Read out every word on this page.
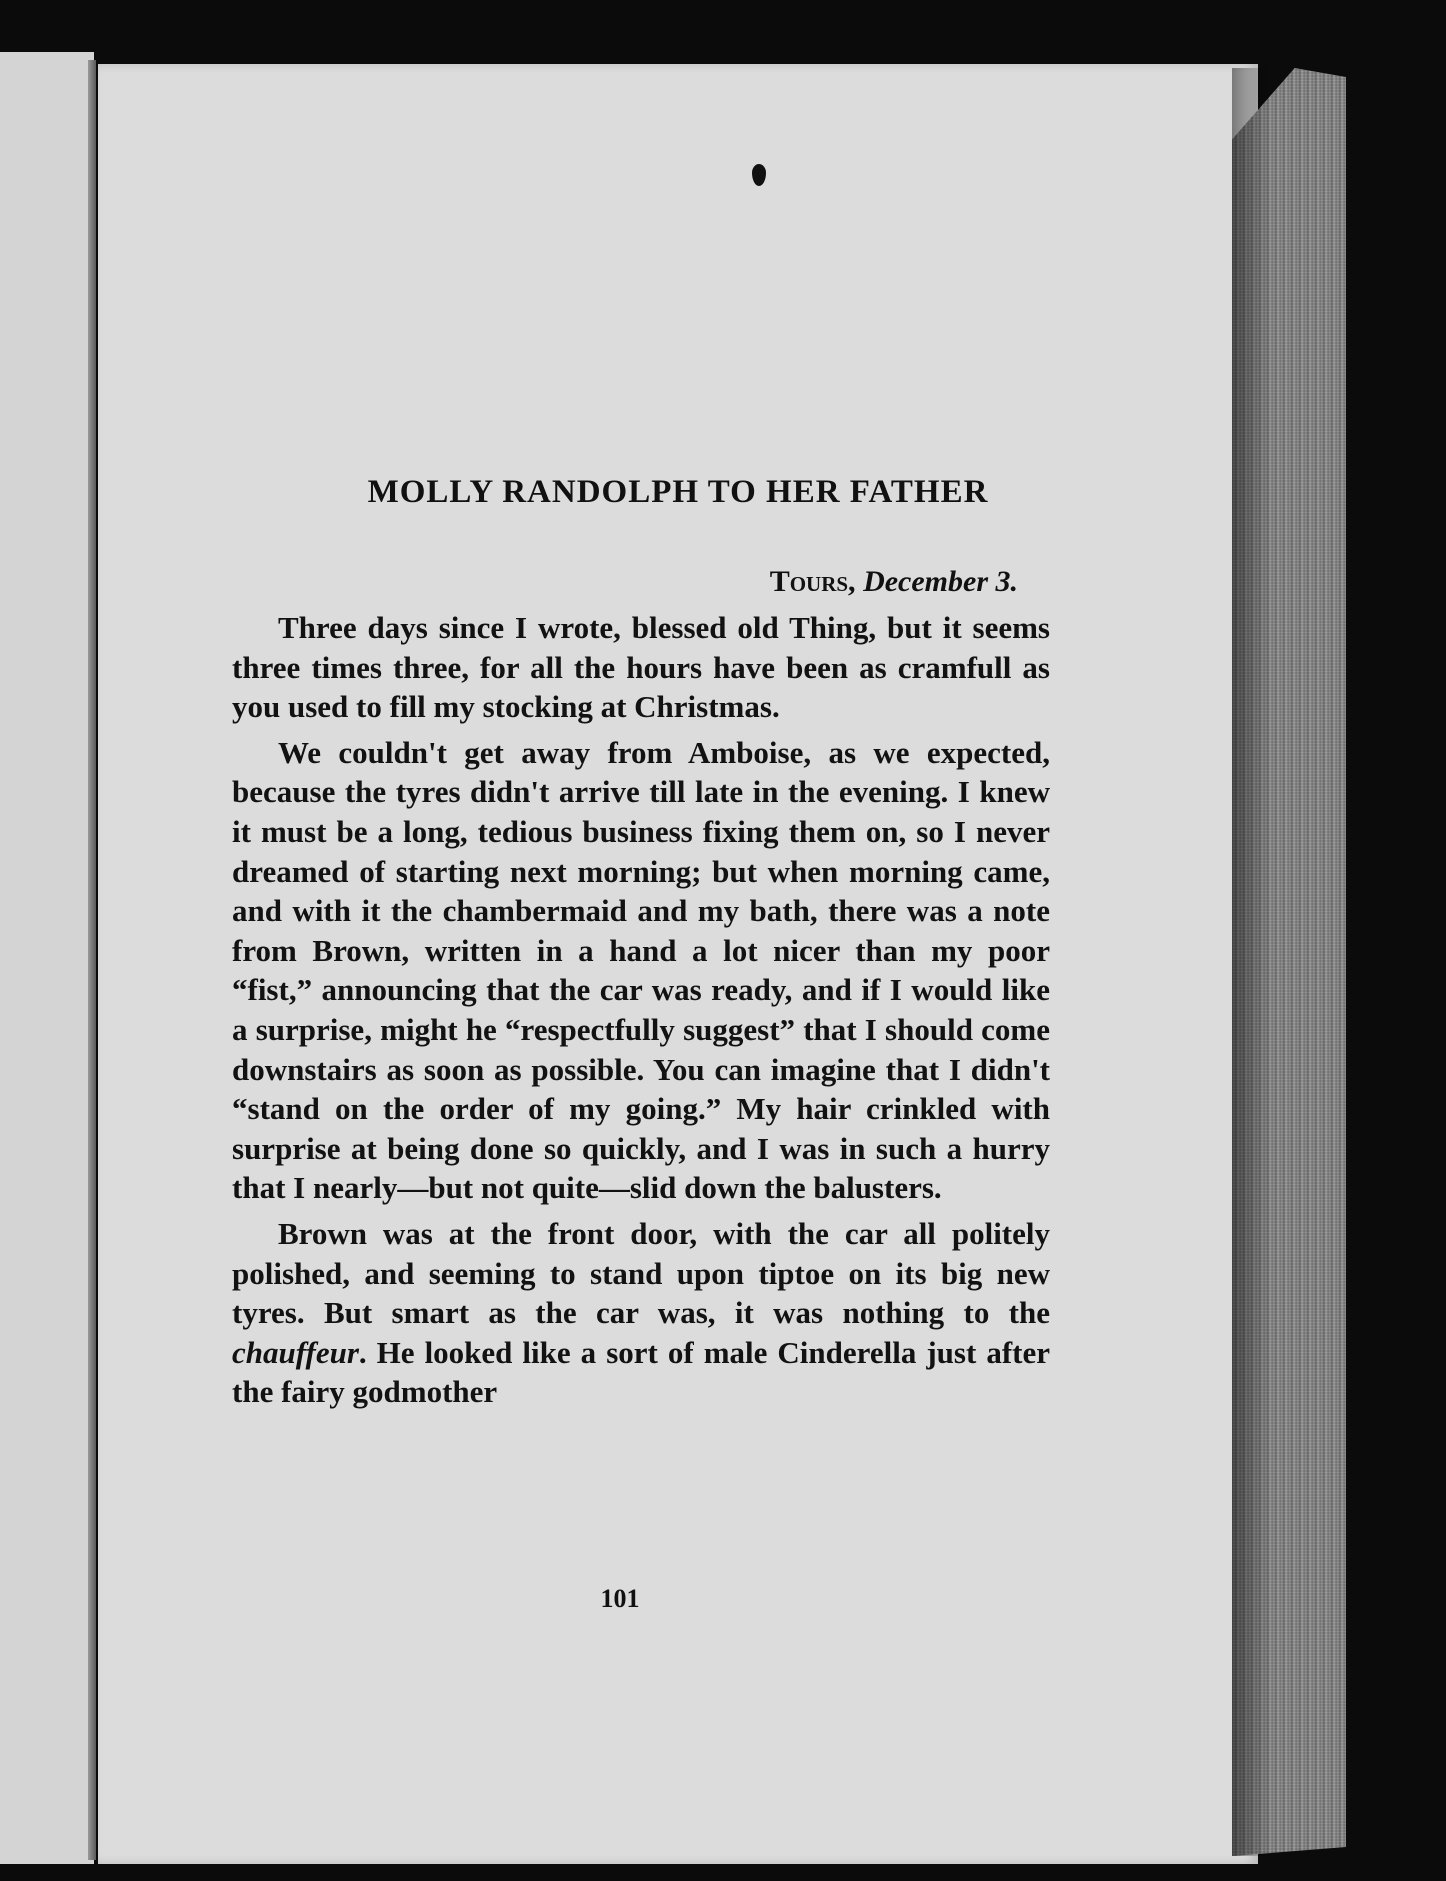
MOLLY RANDOLPH TO HER FATHER
Tours, December 3.

Three days since I wrote, blessed old Thing, but it seems three times three, for all the hours have been as cramfull as you used to fill my stocking at Christmas.

We couldn't get away from Amboise, as we expected, because the tyres didn't arrive till late in the evening. I knew it must be a long, tedious business fixing them on, so I never dreamed of starting next morning; but when morning came, and with it the chambermaid and my bath, there was a note from Brown, written in a hand a lot nicer than my poor “fist,” announcing that the car was ready, and if I would like a surprise, might he “respectfully suggest” that I should come downstairs as soon as possible. You can imagine that I didn't “stand on the order of my going.” My hair crinkled with surprise at being done so quickly, and I was in such a hurry that I nearly—but not quite—slid down the balusters.

Brown was at the front door, with the car all politely polished, and seeming to stand upon tiptoe on its big new tyres. But smart as the car was, it was nothing to the chauffeur. He looked like a sort of male Cinderella just after the fairy godmother

101
